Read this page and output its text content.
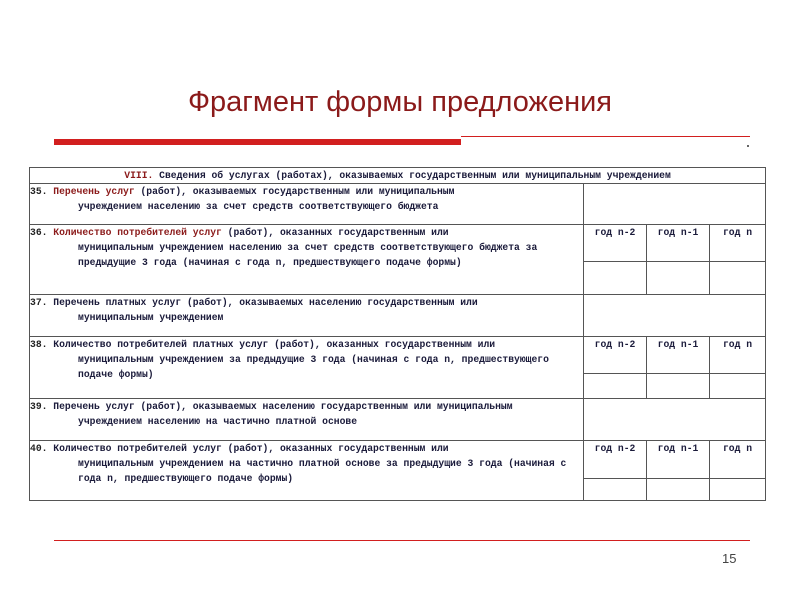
Фрагмент формы предложения
VIII. Сведения об услугах (работах), оказываемых государственным или муниципальным учреждением			
35. Перечень услуг (работ), оказываемых государственным или муниципальным
учреждением населению за счет средств соответствующего бюджета			

36. Количество потребителей услуг (работ), оказанных государственным или
муниципальным учреждением населению за счет средств соответствующего бюджета за предыдущие 3 года (начиная с года n, предшествующего подаче формы)	год n-2	год n-1	год n

37. Перечень платных услуг (работ), оказываемых населению государственным или
муниципальным учреждением			

38. Количество потребителей платных услуг (работ), оказанных государственным или
муниципальным учреждением за предыдущие 3 года (начиная с года n, предшествующего подаче формы)	год n-2	год n-1	год n

39. Перечень услуг (работ), оказываемых населению государственным или муниципальным
учреждением населению на частично платной основе			

40. Количество потребителей услуг (работ), оказанных государственным или
муниципальным учреждением на частично платной основе за предыдущие 3 года (начиная с года n, предшествующего подаче формы)	год n-2	год n-1	год n

15
